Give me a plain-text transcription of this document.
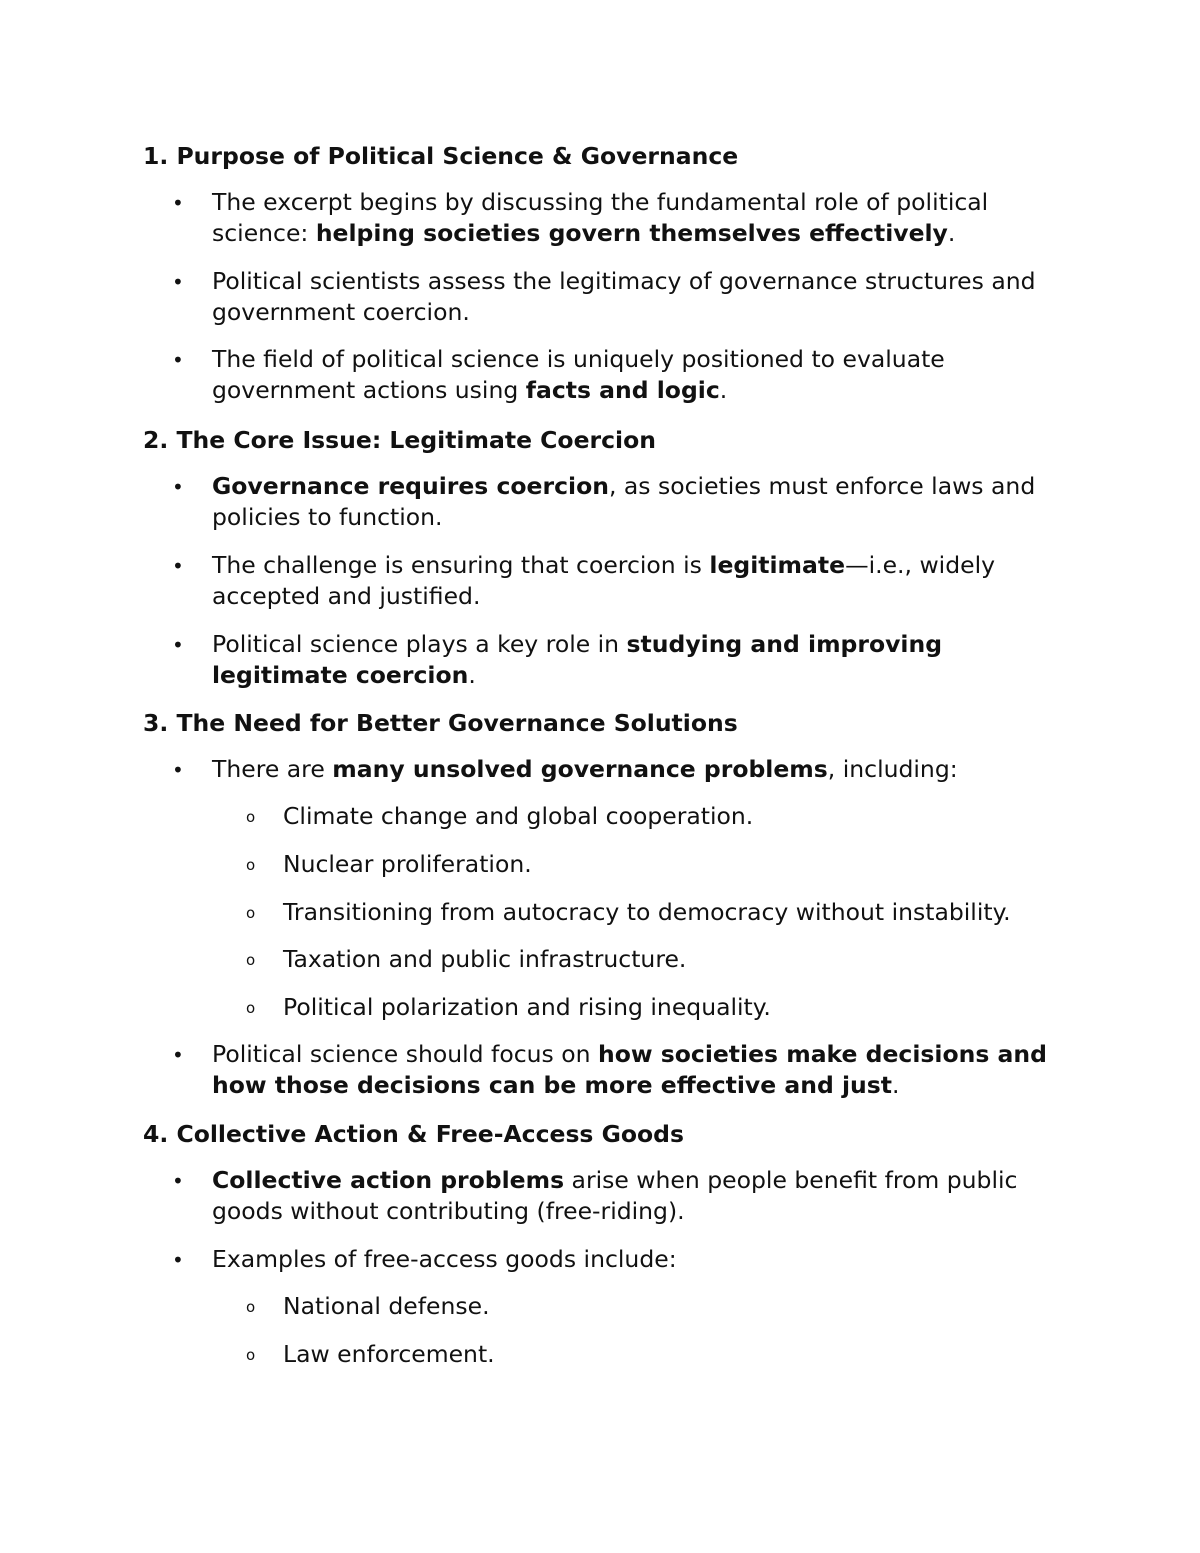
1. Purpose of Political Science & Governance
• The excerpt begins by discussing the fundamental role of political science: helping societies govern themselves effectively.
• Political scientists assess the legitimacy of governance structures and government coercion.
• The field of political science is uniquely positioned to evaluate government actions using facts and logic.
2. The Core Issue: Legitimate Coercion
• Governance requires coercion, as societies must enforce laws and policies to function.
• The challenge is ensuring that coercion is legitimate—i.e., widely accepted and justified.
• Political science plays a key role in studying and improving legitimate coercion.
3. The Need for Better Governance Solutions
• There are many unsolved governance problems, including:
o Climate change and global cooperation.
o Nuclear proliferation.
o Transitioning from autocracy to democracy without instability.
o Taxation and public infrastructure.
o Political polarization and rising inequality.
• Political science should focus on how societies make decisions and how those decisions can be more effective and just.
4. Collective Action & Free-Access Goods
• Collective action problems arise when people benefit from public goods without contributing (free-riding).
• Examples of free-access goods include:
o National defense.
o Law enforcement.
